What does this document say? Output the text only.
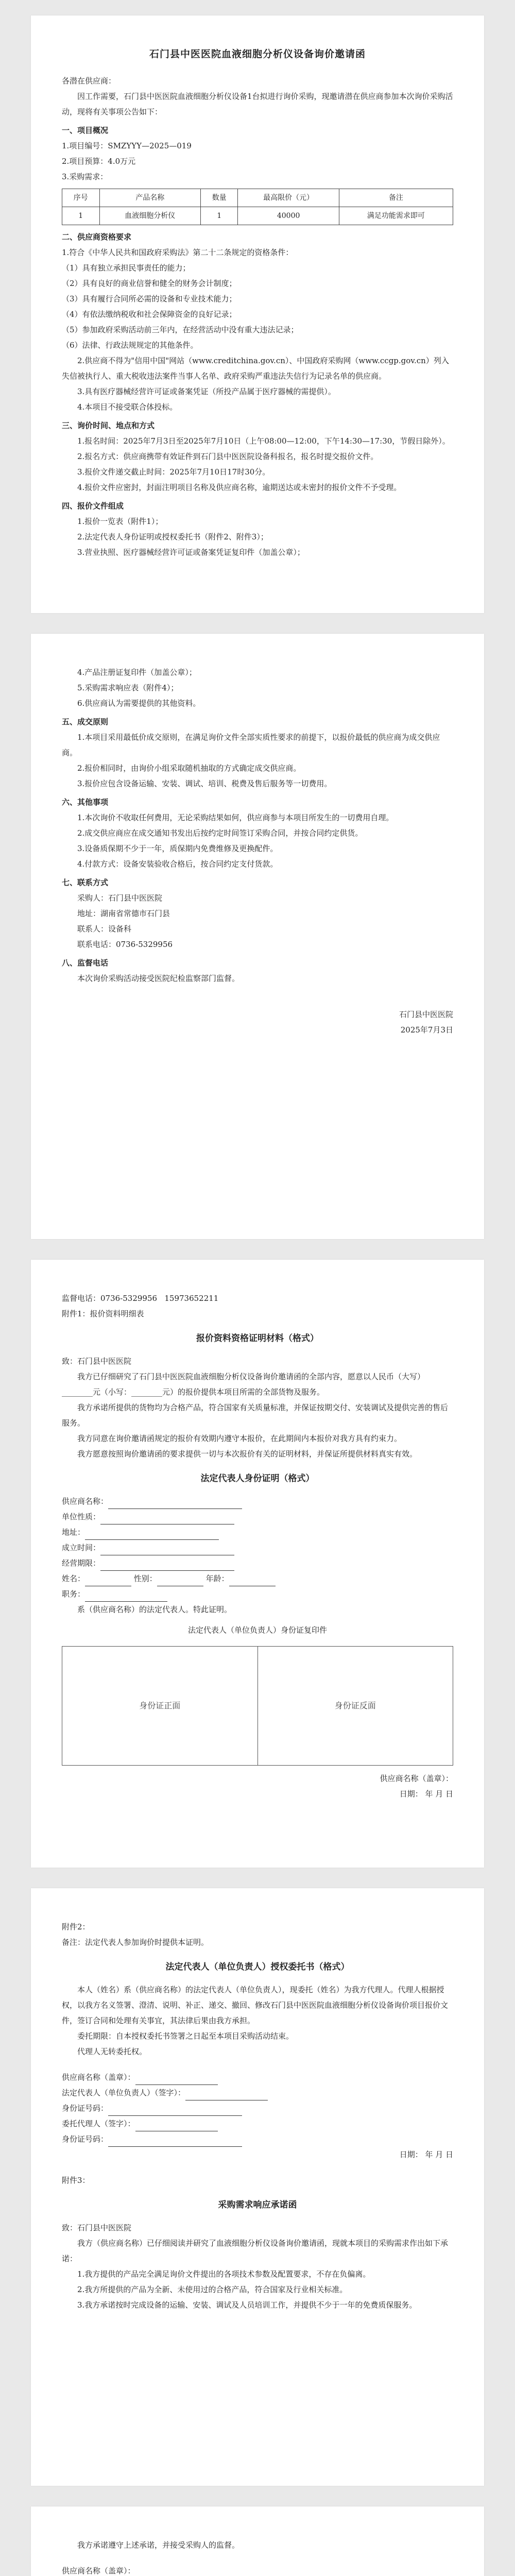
石门县中医医院血液细胞分析仪设备询价邀请函

各潜在供应商：

因工作需要，石门县中医医院血液细胞分析仪设备1台拟进行询价采购，现邀请潜在供应商参加本次询价采购活动，现将有关事项公告如下：

一、项目概况

1.项目编号：SMZYYY—2025—019

2.项目预算：4.0万元

3.采购需求：

序号	产品名称	数量	最高限价（元）	备注
1	血液细胞分析仪	1	40000	满足功能需求即可

二、供应商资格要求

1.符合《中华人民共和国政府采购法》第二十二条规定的资格条件：

（1）具有独立承担民事责任的能力；

（2）具有良好的商业信誉和健全的财务会计制度；

（3）具有履行合同所必需的设备和专业技术能力；

（4）有依法缴纳税收和社会保障资金的良好记录；

（5）参加政府采购活动前三年内，在经营活动中没有重大违法记录；

（6）法律、行政法规规定的其他条件。

2.供应商不得为"信用中国"网站（www.creditchina.gov.cn）、中国政府采购网（www.ccgp.gov.cn）列入失信被执行人、重大税收违法案件当事人名单、政府采购严重违法失信行为记录名单的供应商。

3.具有医疗器械经营许可证或备案凭证（所投产品属于医疗器械的需提供）。

4.本项目不接受联合体投标。

三、询价时间、地点和方式

1.报名时间：2025年7月3日至2025年7月10日（上午08:00—12:00，下午14:30—17:30，节假日除外）。

2.报名方式：供应商携带有效证件到石门县中医医院设备科报名，报名时提交报价文件。

3.报价文件递交截止时间：2025年7月10日17时30分。

4.报价文件应密封，封面注明项目名称及供应商名称，逾期送达或未密封的报价文件不予受理。

四、报价文件组成

1.报价一览表（附件1）；

2.法定代表人身份证明或授权委托书（附件2、附件3）；

3.营业执照、医疗器械经营许可证或备案凭证复印件（加盖公章）；

4.产品注册证复印件（加盖公章）；

5.采购需求响应表（附件4）；

6.供应商认为需要提供的其他资料。

五、成交原则

1.本项目采用最低价成交原则，在满足询价文件全部实质性要求的前提下，以报价最低的供应商为成交供应商。

2.报价相同时，由询价小组采取随机抽取的方式确定成交供应商。

3.报价应包含设备运输、安装、调试、培训、税费及售后服务等一切费用。

六、其他事项

1.本次询价不收取任何费用，无论采购结果如何，供应商参与本项目所发生的一切费用自理。

2.成交供应商应在成交通知书发出后按约定时间签订采购合同，并按合同约定供货。

3.设备质保期不少于一年，质保期内免费维修及更换配件。

4.付款方式：设备安装验收合格后，按合同约定支付货款。

七、联系方式

采购人：石门县中医医院

地址：湖南省常德市石门县

联系人：设备科

联系电话：0736-5329956

八、监督电话

本次询价采购活动接受医院纪检监察部门监督。

石门县中医医院

2025年7月3日

监督电话：0736-5329956 15973652211

附件1：报价资料明细表

报价资料资格证明材料（格式）

致：石门县中医医院

我方已仔细研究了石门县中医医院血液细胞分析仪设备询价邀请函的全部内容，愿意以人民币（大写）________元（小写：________元）的报价提供本项目所需的全部货物及服务。

我方承诺所提供的货物均为合格产品，符合国家有关质量标准，并保证按期交付、安装调试及提供完善的售后服务。

我方同意在询价邀请函规定的报价有效期内遵守本报价，在此期间内本报价对我方具有约束力。

我方愿意按照询价邀请函的要求提供一切与本次报价有关的证明材料，并保证所提供材料真实有效。

法定代表人身份证明（格式）

供应商名称：

单位性质：

地址：

成立时间：

经营期限：

姓名：	性别：	年龄：

职务：

系（供应商名称）的法定代表人。特此证明。

法定代表人（单位负责人）身份证复印件

身份证正面	身份证反面

供应商名称（盖章）：

日期： 年 月 日

附件2：

备注：法定代表人参加询价时提供本证明。

法定代表人（单位负责人）授权委托书（格式）

本人（姓名）系（供应商名称）的法定代表人（单位负责人），现委托（姓名）为我方代理人。代理人根据授权，以我方名义签署、澄清、说明、补正、递交、撤回、修改石门县中医医院血液细胞分析仪设备询价项目报价文件，签订合同和处理有关事宜，其法律后果由我方承担。

委托期限：自本授权委托书签署之日起至本项目采购活动结束。

代理人无转委托权。

供应商名称（盖章）：

法定代表人（单位负责人）（签字）：

身份证号码：

委托代理人（签字）：

身份证号码：

日期： 年 月 日

附件3：

采购需求响应承诺函

致：石门县中医医院

我方（供应商名称）已仔细阅读并研究了血液细胞分析仪设备询价邀请函，现就本项目的采购需求作出如下承诺：

1.我方提供的产品完全满足询价文件提出的各项技术参数及配置要求，不存在负偏离。

2.我方所提供的产品为全新、未使用过的合格产品，符合国家及行业相关标准。

3.我方承诺按时完成设备的运输、安装、调试及人员培训工作，并提供不少于一年的免费质保服务。

我方承诺遵守上述承诺，并接受采购人的监督。

供应商名称（盖章）：
